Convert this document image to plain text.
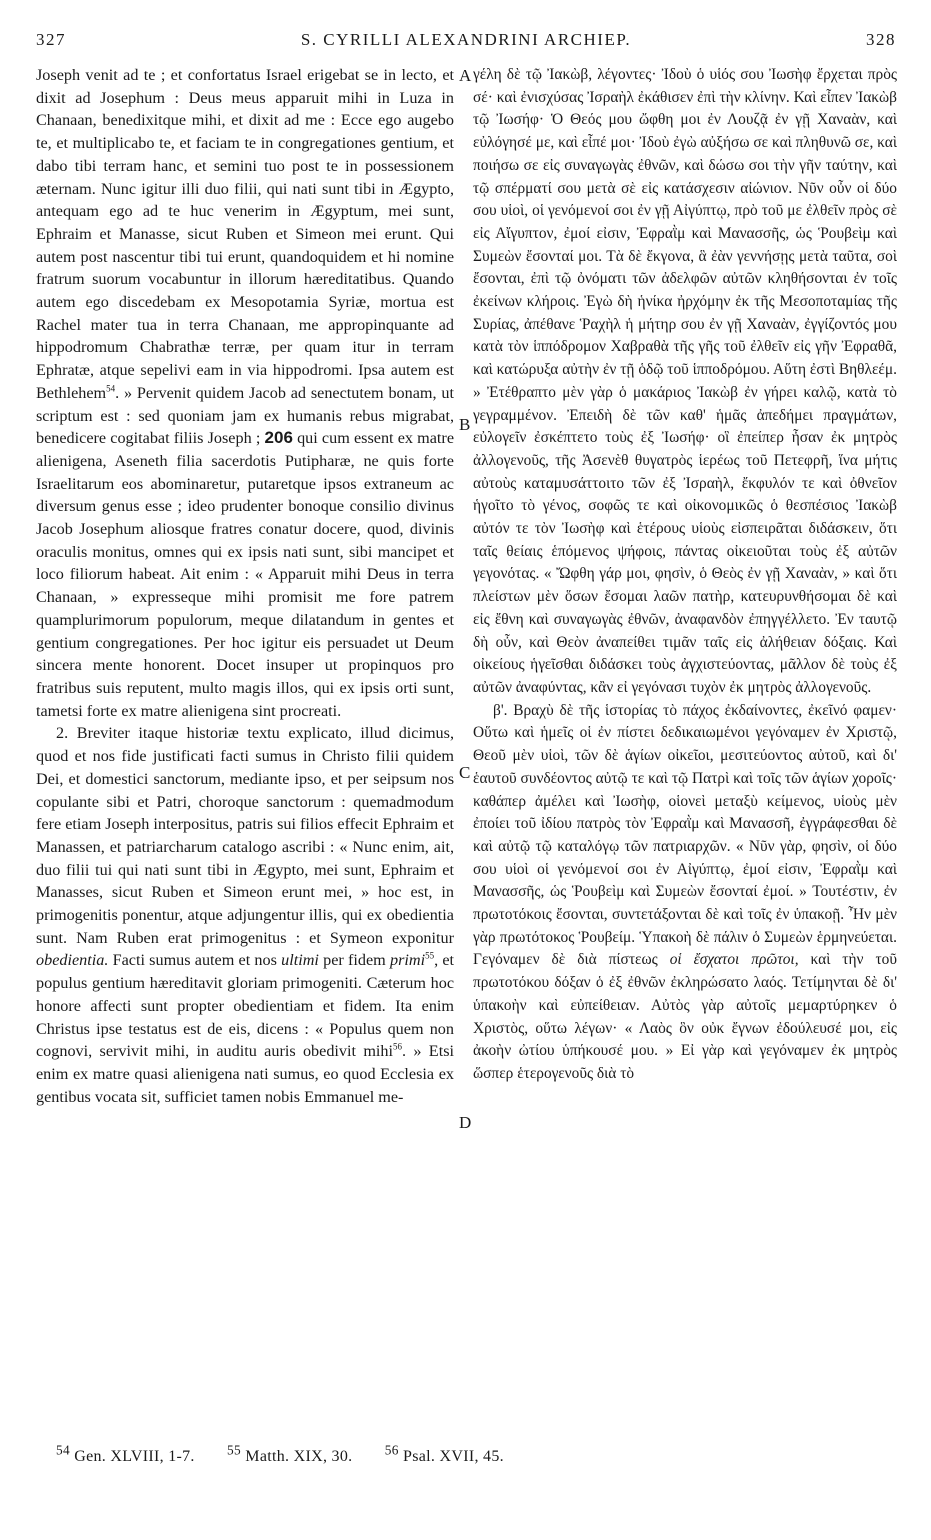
327	S. CYRILLI ALEXANDRINI ARCHIEP.	328

Joseph venit ad te ; et confortatus Israel erigebat se in lecto, et dixit ad Josephum : Deus meus apparuit mihi in Luza in Chanaan, benedixitque mihi, et dixit ad me : Ecce ego augebo te, et multiplicabo te, et faciam te in congregationes gentium, et dabo tibi terram hanc, et semini tuo post te in possessionem æternam. Nunc igitur illi duo filii, qui nati sunt tibi in Ægypto, antequam ego ad te huc venerim in Ægyptum, mei sunt, Ephraim et Manasse, sicut Ruben et Simeon mei erunt. Qui autem post nascentur tibi tui erunt, quandoquidem et hi nomine fratrum suorum vocabuntur in illorum hæreditatibus. Quando autem ego discedebam ex Mesopotamia Syriæ, mortua est Rachel mater tua in terra Chanaan, me appropinquante ad hippodromum Chabrathæ terræ, per quam itur in terram Ephratæ, atque sepelivi eam in via hippodromi. Ipsa autem est Bethlehem$^{54}$. » Pervenit quidem Jacob ad senectutem bonam, ut scriptum est : sed quoniam jam ex humanis rebus migrabat, benedicere cogitabat filiis Joseph ; 206 qui cum essent ex matre alienigena, Aseneth filia sacerdotis Putipharæ, ne quis forte Israelitarum eos abominaretur, putaretque ipsos extraneum ac diversum genus esse ; ideo prudenter bonoque consilio divinus Jacob Josephum aliosque fratres conatur docere, quod, divinis oraculis monitus, omnes qui ex ipsis nati sunt, sibi mancipet et loco filiorum habeat. Ait enim : « Apparuit mihi Deus in terra Chanaan, » expresseque mihi promisit me fore patrem quamplurimorum populorum, meque dilatandum in gentes et gentium congregationes. Per hoc igitur eis persuadet ut Deum sincera mente honorent. Docet insuper ut propinquos pro fratribus suis reputent, multo magis illos, qui ex ipsis orti sunt, tametsi forte ex matre alienigena sint procreati.

2. Breviter itaque historiæ textu explicato, illud dicimus, quod et nos fide justificati facti sumus in Christo filii quidem Dei, et domestici sanctorum, mediante ipso, et per seipsum nos copulante sibi et Patri, choroque sanctorum : quemadmodum fere etiam Joseph interpositus, patris sui filios effecit Ephraim et Manassen, et patriarcharum catalogo ascribi : « Nunc enim, ait, duo filii tui qui nati sunt tibi in Ægypto, mei sunt, Ephraim et Manasses, sicut Ruben et Simeon erunt mei, » hoc est, in primogenitis ponentur, atque adjungentur illis, qui ex obedientia sunt. Nam Ruben erat primogenitus : et Symeon exponitur obedientia. Facti sumus autem et nos ultimi per fidem primi$^{55}$, et populus gentium hæreditavit gloriam primogeniti. Cæterum hoc honore affecti sunt propter obedientiam et fidem. Ita enim Christus ipse testatus est de eis, dicens : « Populus quem non cognovi, servivit mihi, in auditu auris obedivit mihi$^{56}$. » Etsi enim ex matre quasi alienigena nati sumus, eo quod Ecclesia ex gentibus vocata sit, sufficiet tamen nobis Emmanuel me-

A
B
C
D

γέλη δὲ τῷ Ἰακὼβ, λέγοντες· Ἰδοὺ ὁ υἱός σου Ἰωσὴφ ἔρχεται πρὸς σέ· καὶ ἐνισχύσας Ἰσραὴλ ἐκάθισεν ἐπὶ τὴν κλίνην. Καὶ εἶπεν Ἰακὼβ τῷ Ἰωσήφ· Ὁ Θεός μου ὤφθη μοι ἐν Λουζᾷ ἐν γῇ Χαναὰν, καὶ εὐλόγησέ με, καὶ εἶπέ μοι· Ἰδοὺ ἐγὼ αὐξήσω σε καὶ πληθυνῶ σε, καὶ ποιήσω σε εἰς συναγωγὰς ἐθνῶν, καὶ δώσω σοι τὴν γῆν ταύτην, καὶ τῷ σπέρματί σου μετὰ σὲ εἰς κατάσχεσιν αἰώνιον. Νῦν οὖν οἱ δύο σου υἱοὶ, οἱ γενόμενοί σοι ἐν γῇ Αἰγύπτῳ, πρὸ τοῦ με ἐλθεῖν πρὸς σὲ εἰς Αἴγυπτον, ἐμοί εἰσιν, Ἐφραῒμ καὶ Μανασσῆς, ὡς Ῥουβεὶμ καὶ Συμεὼν ἔσονταί μοι. Τὰ δὲ ἔκγονα, ἃ ἐὰν γεννήσῃς μετὰ ταῦτα, σοὶ ἔσονται, ἐπὶ τῷ ὀνόματι τῶν ἀδελφῶν αὐτῶν κληθήσονται ἐν τοῖς ἐκείνων κλήροις. Ἐγὼ δὴ ἡνίκα ἠρχόμην ἐκ τῆς Μεσοποταμίας τῆς Συρίας, ἀπέθανε Ῥαχὴλ ἡ μήτηρ σου ἐν γῇ Χαναὰν, ἐγγίζοντός μου κατὰ τὸν ἱππόδρομον Χαβραθὰ τῆς γῆς τοῦ ἐλθεῖν εἰς γῆν Ἐφραθᾶ, καὶ κατώρυξα αὐτὴν ἐν τῇ ὁδῷ τοῦ ἱπποδρόμου. Αὕτη ἐστὶ Βηθλεέμ. » Ἐτέθραπτο μὲν γὰρ ὁ μακάριος Ἰακὼβ ἐν γήρει καλῷ, κατὰ τὸ γεγραμμένον. Ἐπειδὴ δὲ τῶν καθ' ἡμᾶς ἀπεδήμει πραγμάτων, εὐλογεῖν ἐσκέπτετο τοὺς ἐξ Ἰωσήφ· οἳ ἐπείπερ ἦσαν ἐκ μητρὸς ἀλλογενοῦς, τῆς Ἀσενὲθ θυγατρὸς ἱερέως τοῦ Πετεφρῆ, ἵνα μήτις αὐτοὺς καταμυσάττοιτο τῶν ἐξ Ἰσραὴλ, ἔκφυλόν τε καὶ ὀθνεῖον ἡγοῖτο τὸ γένος, σοφῶς τε καὶ οἰκονομικῶς ὁ θεσπέσιος Ἰακὼβ αὐτόν τε τὸν Ἰωσὴφ καὶ ἑτέρους υἱοὺς εἰσπειρᾶται διδάσκειν, ὅτι ταῖς θείαις ἑπόμενος ψήφοις, πάντας οἰκειοῦται τοὺς ἐξ αὐτῶν γεγονότας. « Ὤφθη γάρ μοι, φησὶν, ὁ Θεὸς ἐν γῇ Χαναὰν, » καὶ ὅτι πλείστων μὲν ὅσων ἔσομαι λαῶν πατὴρ, κατευρυνθήσομαι δὲ καὶ εἰς ἔθνη καὶ συναγωγὰς ἐθνῶν, ἀναφανδὸν ἐπηγγέλλετο. Ἐν ταυτῷ δὴ οὖν, καὶ Θεὸν ἀναπείθει τιμᾶν ταῖς εἰς ἀλήθειαν δόξαις. Καὶ οἰκείους ἡγεῖσθαι διδάσκει τοὺς ἀγχιστεύοντας, μᾶλλον δὲ τοὺς ἐξ αὐτῶν ἀναφύντας, κἂν εἰ γεγόνασι τυχὸν ἐκ μητρὸς ἀλλογενοῦς.

β'. Βραχὺ δὲ τῆς ἱστορίας τὸ πάχος ἐκδαίνοντες, ἐκεῖνό φαμεν· Οὕτω καὶ ἡμεῖς οἱ ἐν πίστει δεδικαιωμένοι γεγόναμεν ἐν Χριστῷ, Θεοῦ μὲν υἱοὶ, τῶν δὲ ἁγίων οἰκεῖοι, μεσιτεύοντος αὐτοῦ, καὶ δι' ἑαυτοῦ συνδέοντος αὐτῷ τε καὶ τῷ Πατρὶ καὶ τοῖς τῶν ἁγίων χοροῖς· καθάπερ ἀμέλει καὶ Ἰωσὴφ, οἱονεὶ μεταξὺ κείμενος, υἱοὺς μὲν ἐποίει τοῦ ἰδίου πατρὸς τὸν Ἐφραῒμ καὶ Μανασσῆ, ἐγγράφεσθαι δὲ καὶ αὐτῷ τῷ καταλόγῳ τῶν πατριαρχῶν. « Νῦν γὰρ, φησὶν, οἱ δύο σου υἱοὶ οἱ γενόμενοί σοι ἐν Αἰγύπτῳ, ἐμοί εἰσιν, Ἐφραῒμ καὶ Μανασσῆς, ὡς Ῥουβεὶμ καὶ Συμεὼν ἔσονταί ἐμοί. » Τουτέστιν, ἐν πρωτοτόκοις ἔσονται, συντετάξονται δὲ καὶ τοῖς ἐν ὑπακοῇ. Ἦν μὲν γὰρ πρωτότοκος Ῥουβείμ. Ὑπακοὴ δὲ πάλιν ὁ Συμεὼν ἑρμηνεύεται. Γεγόναμεν δὲ διὰ πίστεως οἱ ἔσχατοι πρῶτοι, καὶ τὴν τοῦ πρωτοτόκου δόξαν ὁ ἐξ ἐθνῶν ἐκληρώσατο λαός. Τετίμηνται δὲ δι' ὑπακοὴν καὶ εὐπείθειαν. Αὐτὸς γὰρ αὐτοῖς μεμαρτύρηκεν ὁ Χριστὸς, οὕτω λέγων· « Λαὸς ὃν οὐκ ἔγνων ἐδούλευσέ μοι, εἰς ἀκοὴν ὠτίου ὑπήκουσέ μου. » Εἰ γὰρ καὶ γεγόναμεν ἐκ μητρὸς ὥσπερ ἑτερογενοῦς διὰ τὸ

$^{54}$ Gen. XLVIII, 1-7. $^{55}$ Matth. XIX, 30. $^{56}$ Psal. XVII, 45.
